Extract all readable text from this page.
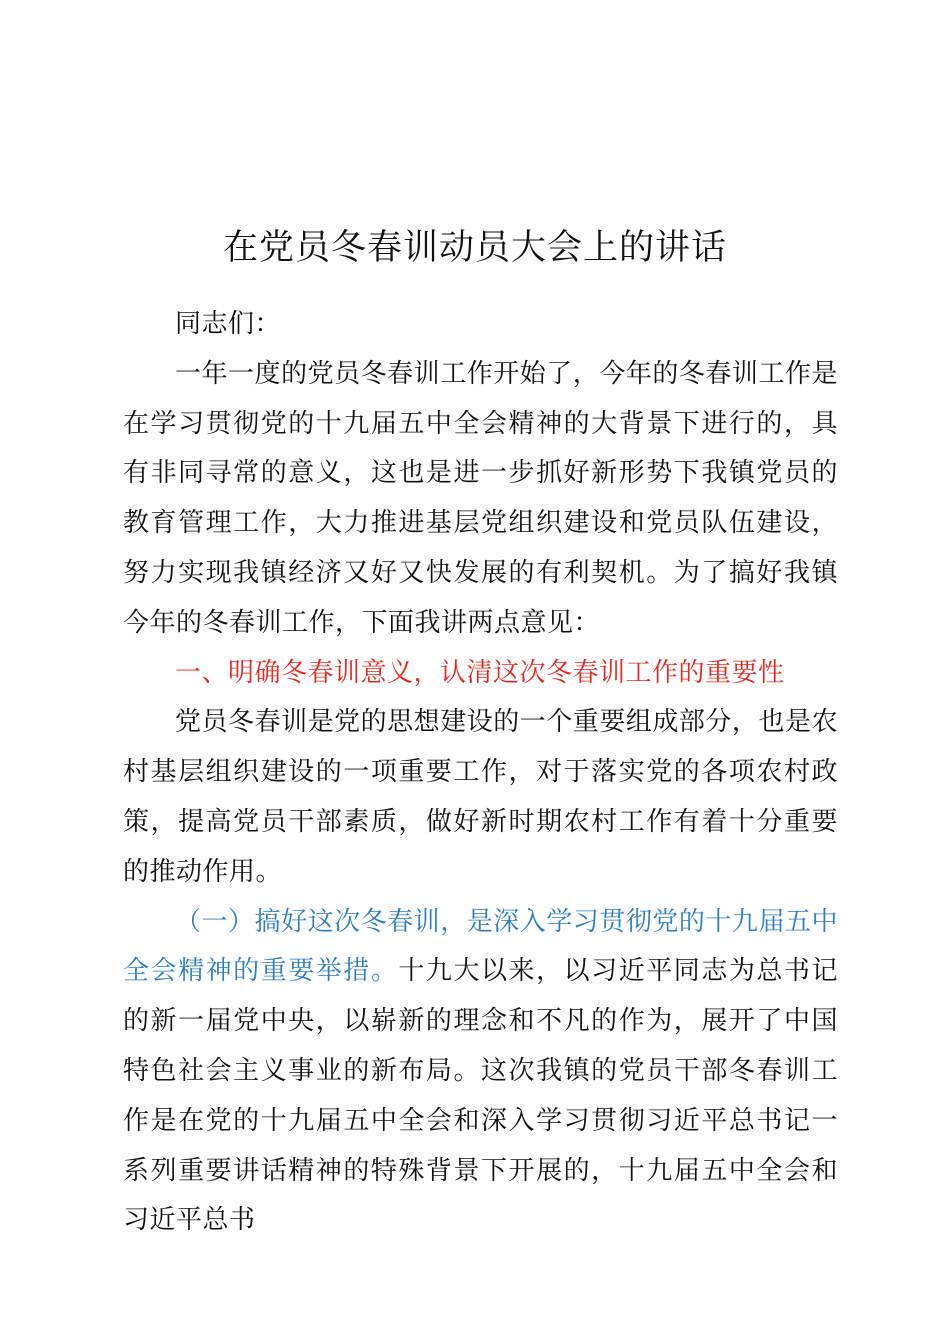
在党员冬春训动员大会上的讲话

同志们：

一年一度的党员冬春训工作开始了，今年的冬春训工作是在学习贯彻党的十九届五中全会精神的大背景下进行的，具有非同寻常的意义，这也是进一步抓好新形势下我镇党员的教育管理工作，大力推进基层党组织建设和党员队伍建设，努力实现我镇经济又好又快发展的有利契机。为了搞好我镇今年的冬春训工作，下面我讲两点意见：

一、明确冬春训意义，认清这次冬春训工作的重要性

党员冬春训是党的思想建设的一个重要组成部分，也是农村基层组织建设的一项重要工作，对于落实党的各项农村政策，提高党员干部素质，做好新时期农村工作有着十分重要的推动作用。

（一）搞好这次冬春训，是深入学习贯彻党的十九届五中全会精神的重要举措。十九大以来，以习近平同志为总书记的新一届党中央，以崭新的理念和不凡的作为，展开了中国特色社会主义事业的新布局。这次我镇的党员干部冬春训工作是在党的十九届五中全会和深入学习贯彻习近平总书记一系列重要讲话精神的特殊背景下开展的，十九届五中全会和习近平总书
